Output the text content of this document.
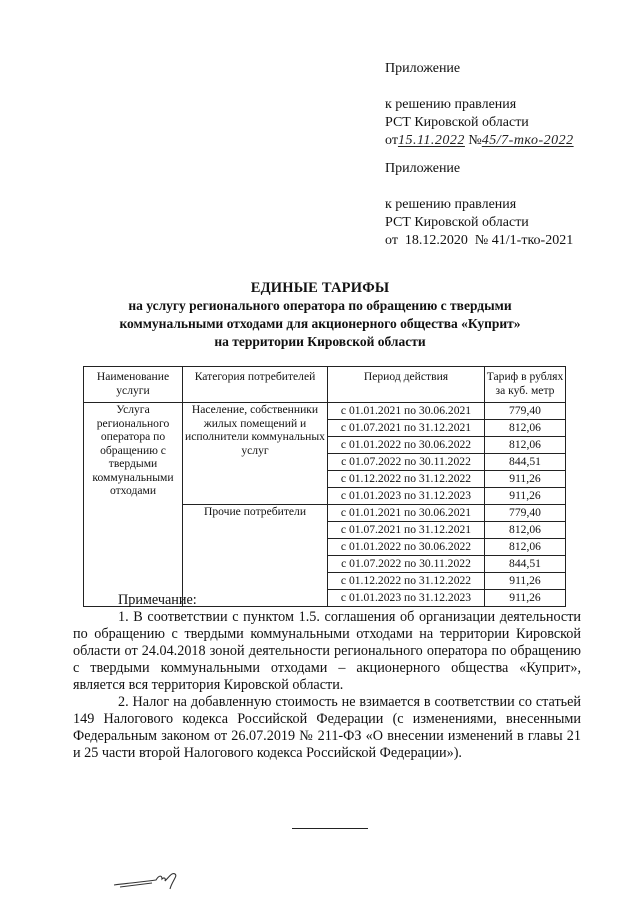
Приложение
к решению правления
РСТ Кировской области
от15.11.2022 №45/7-тко-2022
Приложение
к решению правления
РСТ Кировской области
от  18.12.2020  № 41/1-тко-2021
ЕДИНЫЕ ТАРИФЫ
на услугу регионального оператора по обращению с твердыми
коммунальными отходами для акционерного общества «Куприт»
на территории Кировской области
Наименование услуги	Категория потребителей	Период действия	Тариф в рублях за куб. метр
Услуга регионального оператора по обращению с твердыми коммунальными отходами	Население, собственники жилых помещений и исполнители коммунальных услуг	с 01.01.2021 по 30.06.2021	779,40
		с 01.07.2021 по 31.12.2021	812,06
		с 01.01.2022 по 30.06.2022	812,06
		с 01.07.2022 по 30.11.2022	844,51
		с 01.12.2022 по 31.12.2022	911,26
		с 01.01.2023 по 31.12.2023	911,26
	Прочие потребители	с 01.01.2021 по 30.06.2021	779,40
		с 01.07.2021 по 31.12.2021	812,06
		с 01.01.2022 по 30.06.2022	812,06
		с 01.07.2022 по 30.11.2022	844,51
		с 01.12.2022 по 31.12.2022	911,26
		с 01.01.2023 по 31.12.2023	911,26

Примечание:

1. В соответствии с пунктом 1.5. соглашения об организации деятельности по обращению с твердыми коммунальными отходами на территории Кировской области от 24.04.2018 зоной деятельности регионального оператора по обращению с твердыми коммунальными отходами – акционерного общества «Куприт», является вся территория Кировской области.

2. Налог на добавленную стоимость не взимается в соответствии со статьей 149 Налогового кодекса Российской Федерации (с изменениями, внесенными Федеральным законом от 26.07.2019 № 211-ФЗ «О внесении изменений в главы 21 и 25 части второй Налогового кодекса Российской Федерации»).
